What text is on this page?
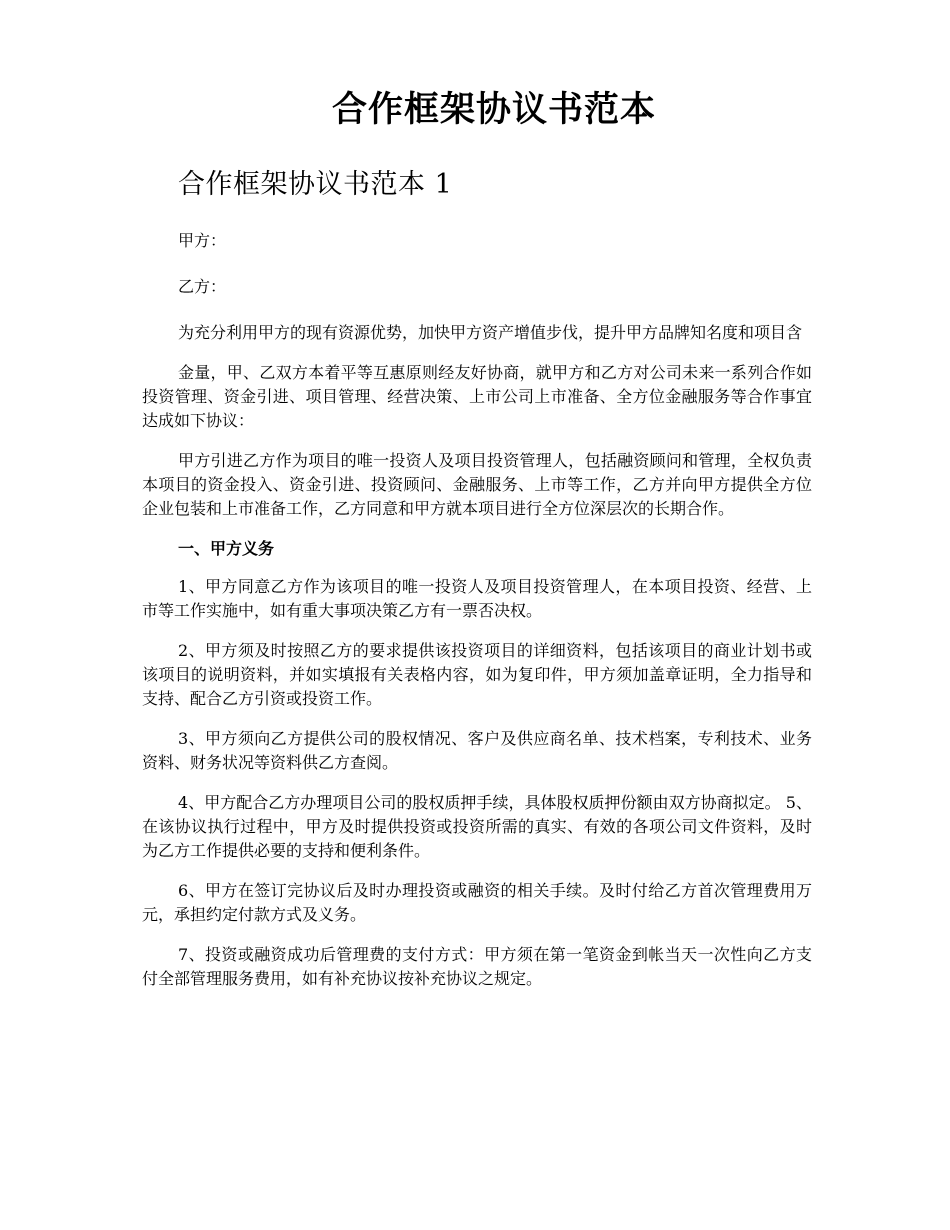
合作框架协议书范本
合作框架协议书范本 1

甲方：

乙方：

为充分利用甲方的现有资源优势，加快甲方资产增值步伐，提升甲方品牌知名度和项目含

金量，甲、乙双方本着平等互惠原则经友好协商，就甲方和乙方对公司未来一系列合作如投资管理、资金引进、项目管理、经营决策、上市公司上市准备、全方位金融服务等合作事宜达成如下协议：

甲方引进乙方作为项目的唯一投资人及项目投资管理人，包括融资顾问和管理，全权负责本项目的资金投入、资金引进、投资顾问、金融服务、上市等工作，乙方并向甲方提供全方位企业包装和上市准备工作，乙方同意和甲方就本项目进行全方位深层次的长期合作。

一、甲方义务

1、甲方同意乙方作为该项目的唯一投资人及项目投资管理人，在本项目投资、经营、上市等工作实施中，如有重大事项决策乙方有一票否决权。

2、甲方须及时按照乙方的要求提供该投资项目的详细资料，包括该项目的商业计划书或该项目的说明资料，并如实填报有关表格内容，如为复印件，甲方须加盖章证明，全力指导和支持、配合乙方引资或投资工作。

3、甲方须向乙方提供公司的股权情况、客户及供应商名单、技术档案，专利技术、业务资料、财务状况等资料供乙方查阅。

4、甲方配合乙方办理项目公司的股权质押手续，具体股权质押份额由双方协商拟定。 5、在该协议执行过程中，甲方及时提供投资或投资所需的真实、有效的各项公司文件资料，及时为乙方工作提供必要的支持和便利条件。

6、甲方在签订完协议后及时办理投资或融资的相关手续。及时付给乙方首次管理费用万元，承担约定付款方式及义务。

7、投资或融资成功后管理费的支付方式：甲方须在第一笔资金到帐当天一次性向乙方支付全部管理服务费用，如有补充协议按补充协议之规定。
